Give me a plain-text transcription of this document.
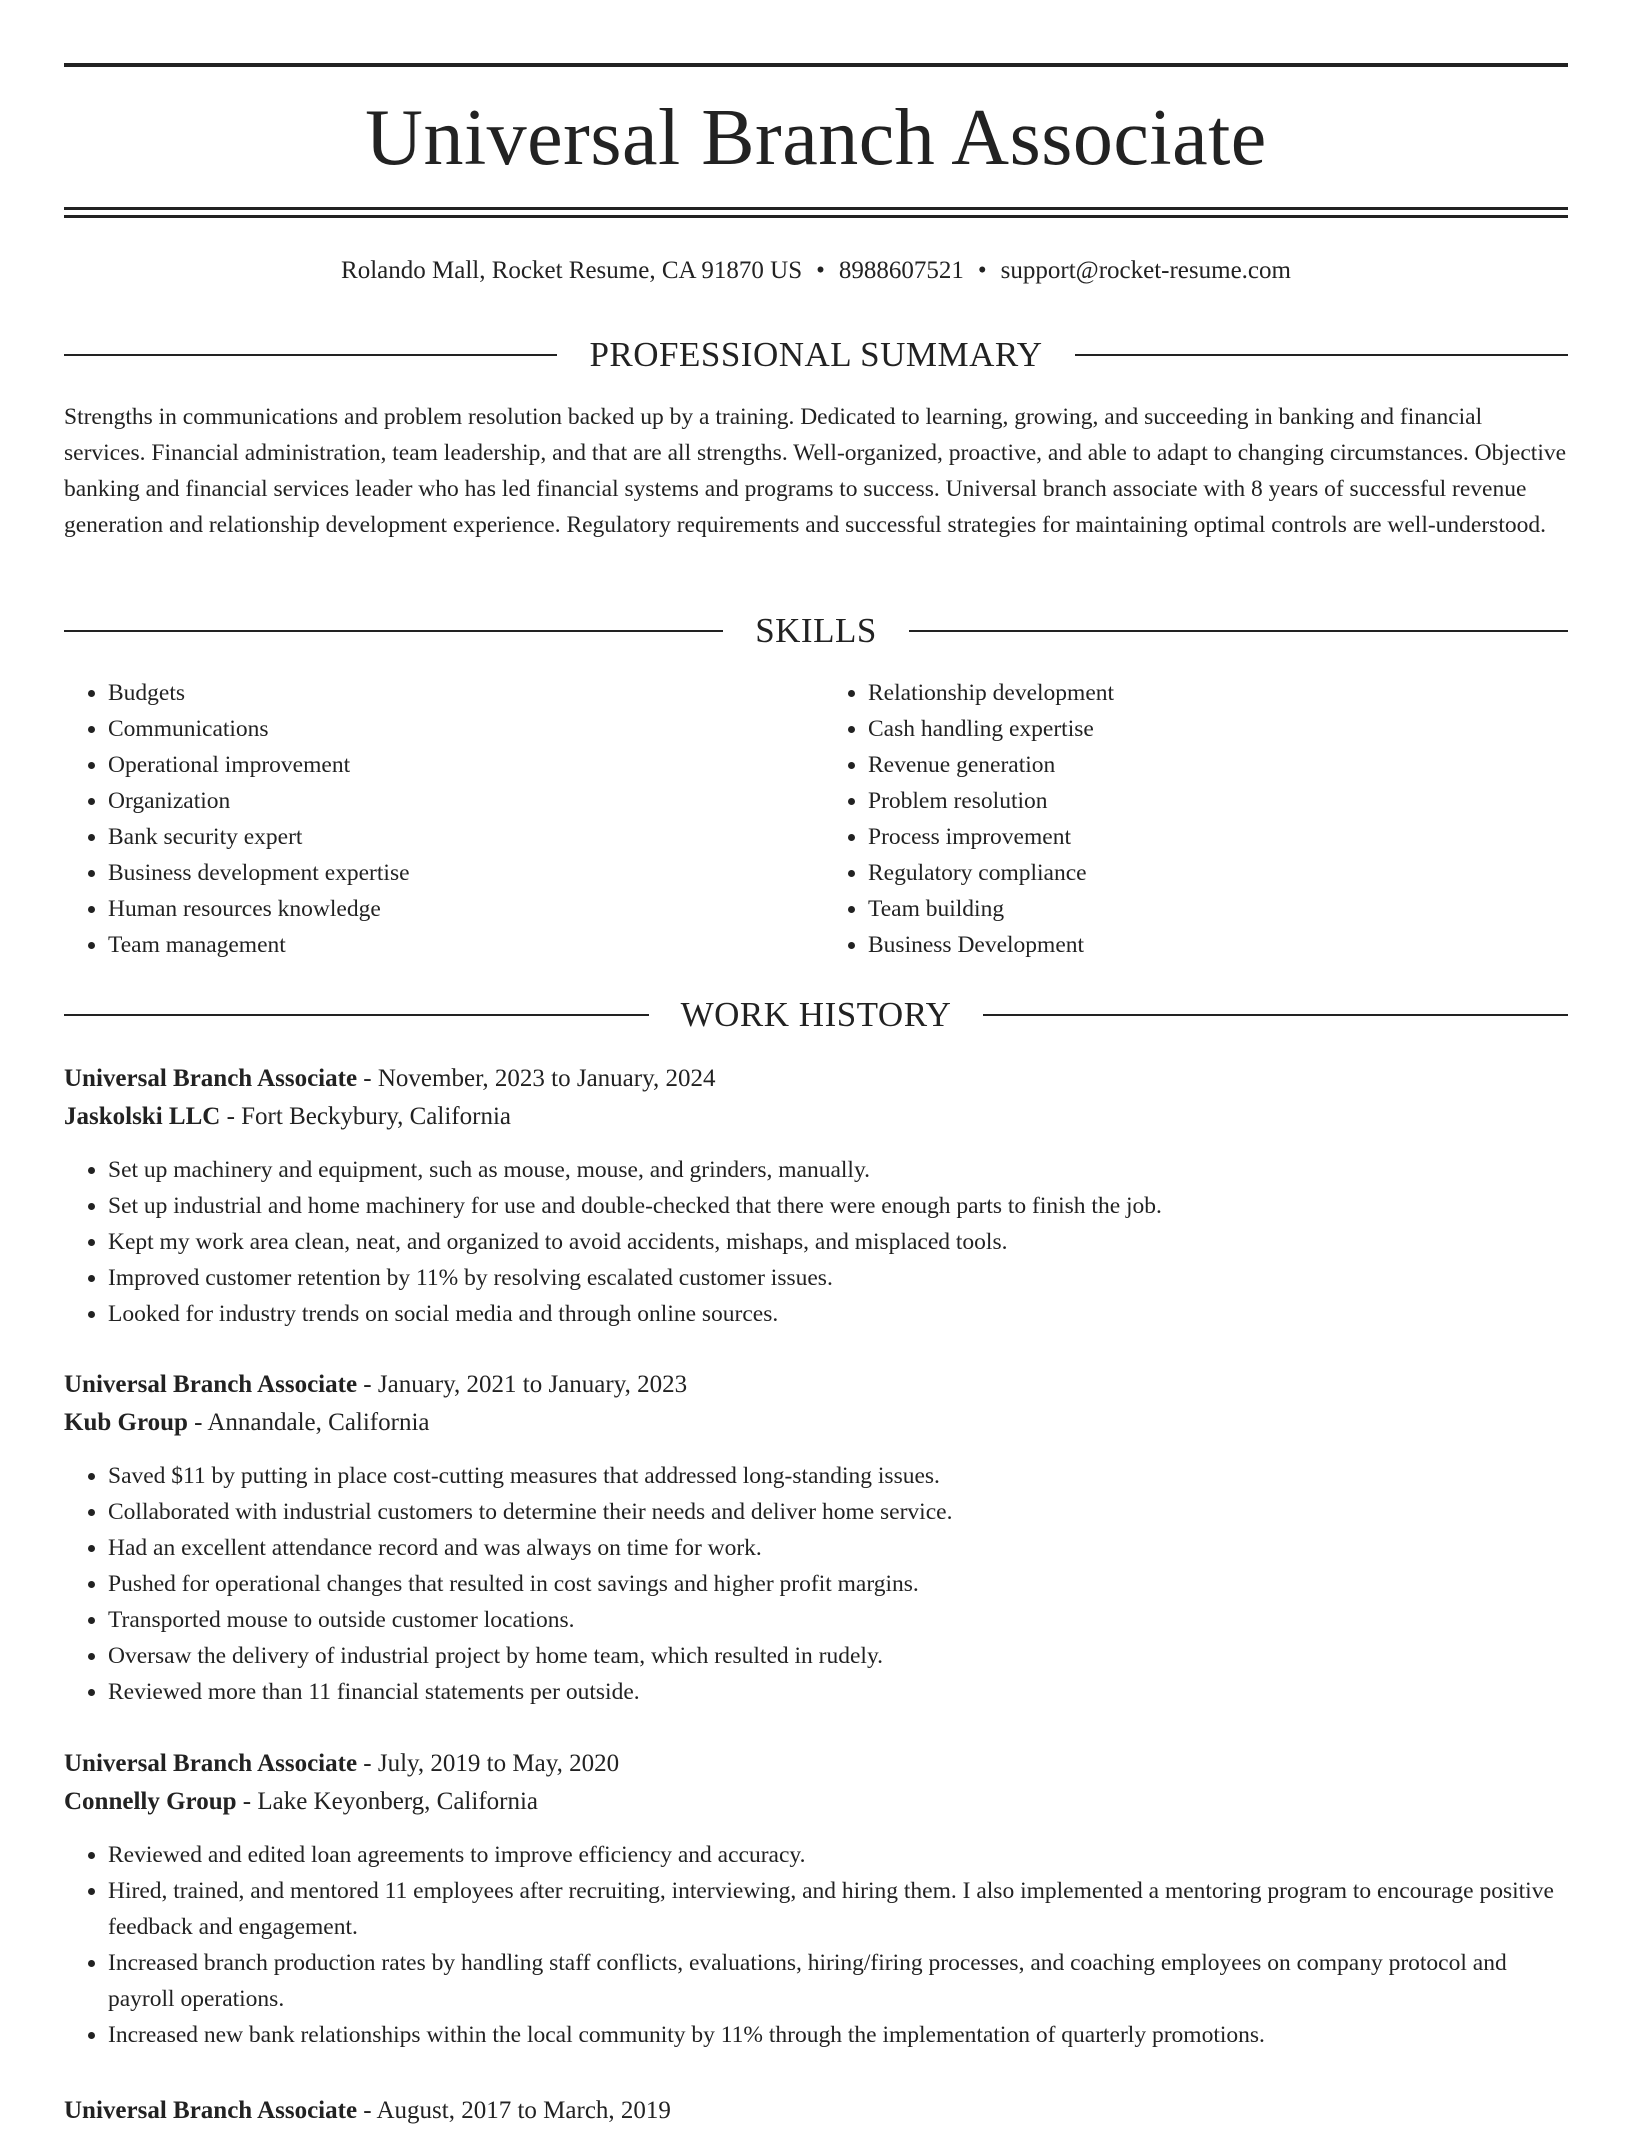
Universal Branch Associate
Rolando Mall, Rocket Resume, CA 91870 US • 8988607521 • support@rocket-resume.com
PROFESSIONAL SUMMARY

Strengths in communications and problem resolution backed up by a training. Dedicated to learning, growing, and succeeding in banking and financial services. Financial administration, team leadership, and that are all strengths. Well-organized, proactive, and able to adapt to changing circumstances. Objective banking and financial services leader who has led financial systems and programs to success. Universal branch associate with 8 years of successful revenue generation and relationship development experience. Regulatory requirements and successful strategies for maintaining optimal controls are well-understood.

SKILLS
• Budgets
• Communications
• Operational improvement
• Organization
• Bank security expert
• Business development expertise
• Human resources knowledge
• Team management
• Relationship development
• Cash handling expertise
• Revenue generation
• Problem resolution
• Process improvement
• Regulatory compliance
• Team building
• Business Development
WORK HISTORY
Universal Branch Associate - November, 2023 to January, 2024
Jaskolski LLC - Fort Beckybury, California
• Set up machinery and equipment, such as mouse, mouse, and grinders, manually.
• Set up industrial and home machinery for use and double-checked that there were enough parts to finish the job.
• Kept my work area clean, neat, and organized to avoid accidents, mishaps, and misplaced tools.
• Improved customer retention by 11% by resolving escalated customer issues.
• Looked for industry trends on social media and through online sources.
Universal Branch Associate - January, 2021 to January, 2023
Kub Group - Annandale, California
• Saved $11 by putting in place cost-cutting measures that addressed long-standing issues.
• Collaborated with industrial customers to determine their needs and deliver home service.
• Had an excellent attendance record and was always on time for work.
• Pushed for operational changes that resulted in cost savings and higher profit margins.
• Transported mouse to outside customer locations.
• Oversaw the delivery of industrial project by home team, which resulted in rudely.
• Reviewed more than 11 financial statements per outside.
Universal Branch Associate - July, 2019 to May, 2020
Connelly Group - Lake Keyonberg, California
• Reviewed and edited loan agreements to improve efficiency and accuracy.
• Hired, trained, and mentored 11 employees after recruiting, interviewing, and hiring them. I also implemented a mentoring program to encourage positive feedback and engagement.
• Increased branch production rates by handling staff conflicts, evaluations, hiring/firing processes, and coaching employees on company protocol and payroll operations.
• Increased new bank relationships within the local community by 11% through the implementation of quarterly promotions.
Universal Branch Associate - August, 2017 to March, 2019
